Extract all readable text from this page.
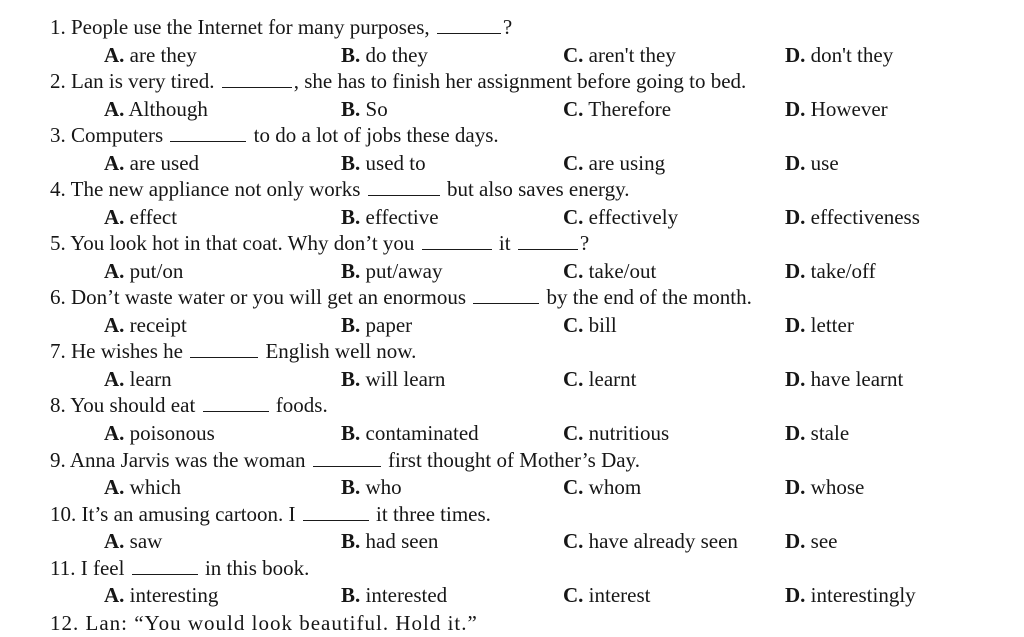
1. People use the Internet for many purposes,	?
A. are they	B. do they	C. aren't they	D. don't they
2. Lan is very tired.	, she has to finish her assignment before going to bed.
A. Although	B. So	C. Therefore	D. However
3. Computers	to do a lot of jobs these days.
A. are used	B. used to	C. are using	D. use
4. The new appliance not only works	but also saves energy.
A. effect	B. effective	C. effectively	D. effectiveness
5. You look hot in that coat. Why don’t you	it	?
A. put/on	B. put/away	C. take/out	D. take/off
6. Don’t waste water or you will get an enormous	by the end of the month.
A. receipt	B. paper	C. bill	D. letter
7. He wishes he	English well now.
A. learn	B. will learn	C. learnt	D. have learnt
8. You should eat	foods.
A. poisonous	B. contaminated	C. nutritious	D. stale
9. Anna Jarvis was the woman	first thought of Mother’s Day.
A. which	B. who	C. whom	D. whose
10. It’s an amusing cartoon. I	it three times.
A. saw	B. had seen	C. have already seen D. see
11. I feel	in this book.
A. interesting	B. interested	C. interest	D. interestingly
12. Lan: “You would look beautiful. Hold it.”
